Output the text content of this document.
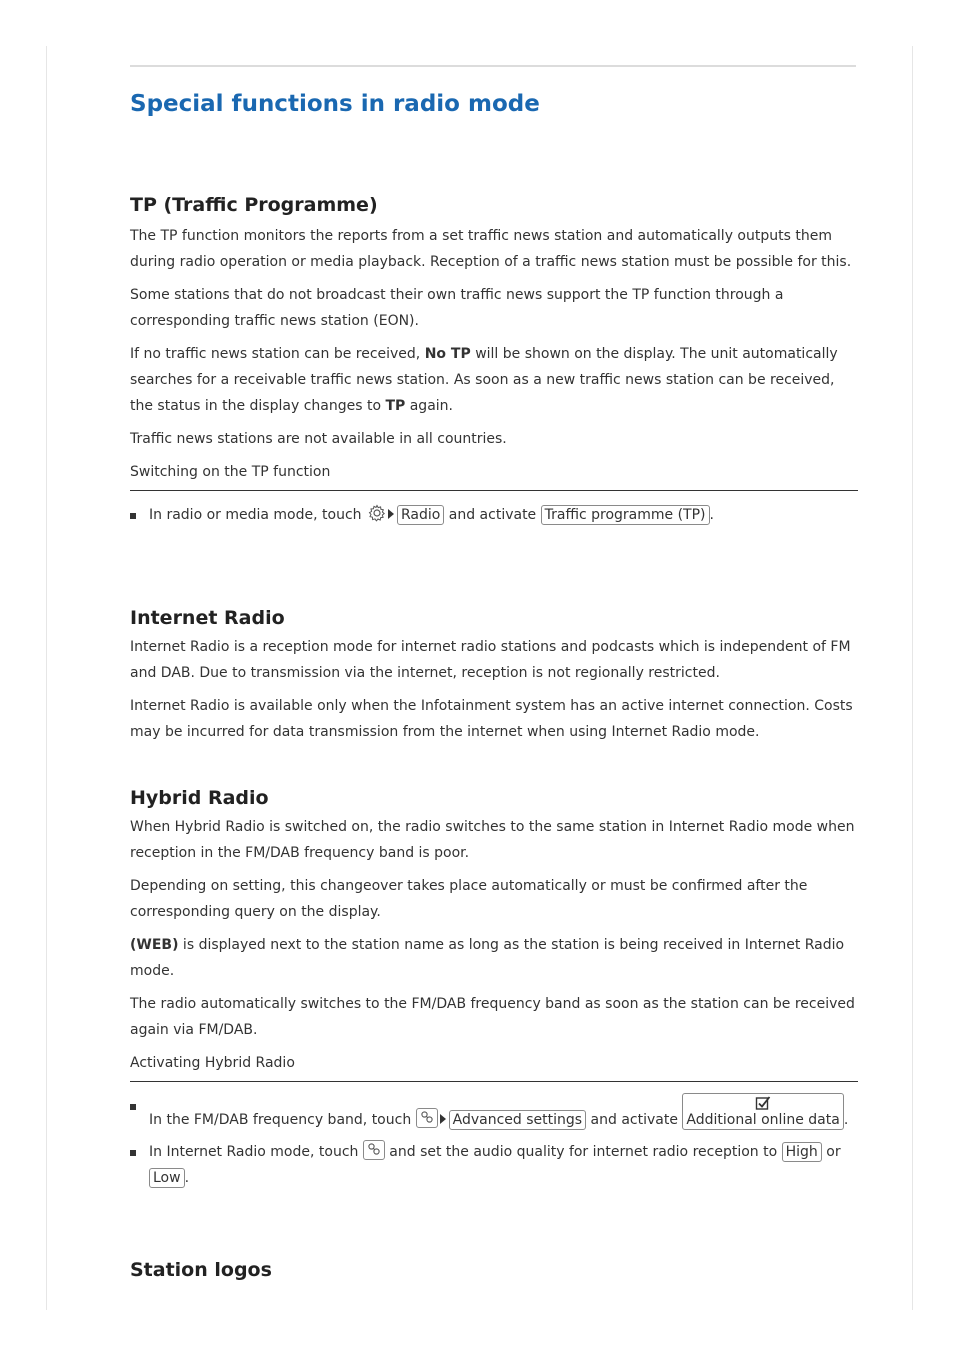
Special functions in radio mode
TP (Traffic Programme)

The TP function monitors the reports from a set traffic news station and automatically outputs them during radio operation or media playback. Reception of a traffic news station must be possible for this.

Some stations that do not broadcast their own traffic news support the TP function through a corresponding traffic news station (EON).

If no traffic news station can be received, No TP will be shown on the display. The unit automatically searches for a receivable traffic news station. As soon as a new traffic news station can be received, the status in the display changes to TP again.

Traffic news stations are not available in all countries.

Switching on the TP function

In radio or media mode, touch	Radio and activate Traffic programme (TP) .
Internet Radio

Internet Radio is a reception mode for internet radio stations and podcasts which is independent of FM and DAB. Due to transmission via the internet, reception is not regionally restricted.

Internet Radio is available only when the Infotainment system has an active internet connection. Costs may be incurred for data transmission from the internet when using Internet Radio mode.

Hybrid Radio

When Hybrid Radio is switched on, the radio switches to the same station in Internet Radio mode when reception in the FM/DAB frequency band is poor.

Depending on setting, this changeover takes place automatically or must be confirmed after the corresponding query on the display.

(WEB) is displayed next to the station name as long as the station is being received in Internet Radio mode.

The radio automatically switches to the FM/DAB frequency band as soon as the station can be received again via FM/DAB.

Activating Hybrid Radio

In the FM/DAB frequency band, touch	Advanced settings and activate
Additional online data .
In Internet Radio mode, touch
and set the audio quality for internet radio reception to High or Low .
Station logos
